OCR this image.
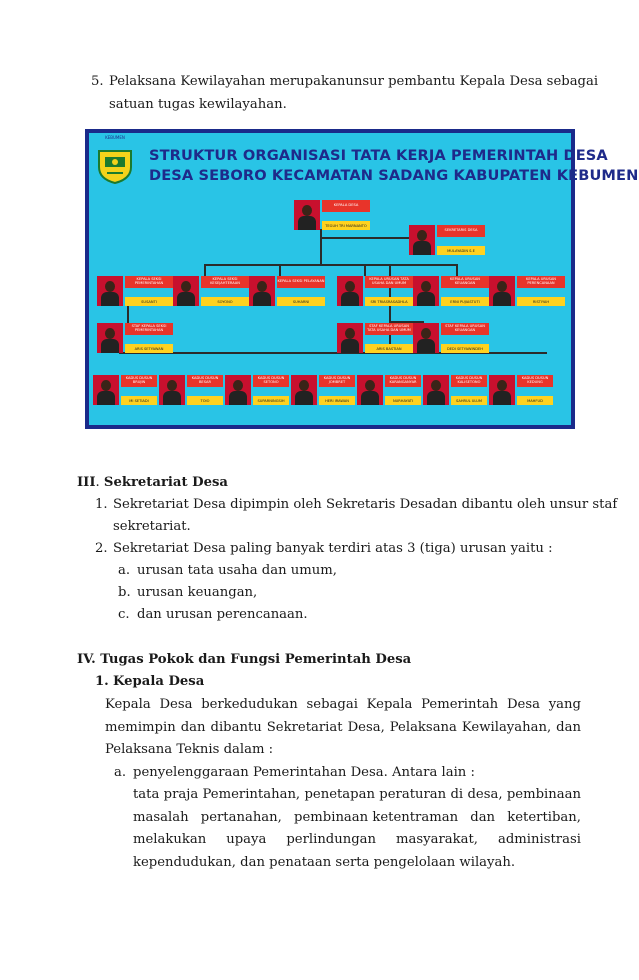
5. Pelaksana Kewilayahan merupakanunsur pembantu Kepala Desa sebagai
satuan tugas kewilayahan.
KEBUMEN
STRUKTUR ORGANISASI TATA KERJA PEMERINTAH DESA
DESA SEBORO KECAMATAN SADANG KABUPATEN KEBUMEN
KEPALA DESA
TEGUH TRI MARNANTO
SEKRETARIS DESA
MULAYADIN S.E
KEPALA SEKSI PEMERINTAHAN
SUSANTI
KEPALA SEKSI KESEJAHTERAAN
SOYONO
KEPALA SEKSI PELAYANAN
SUHARNI
KEPALA URUSAN TATA USAHA DAN UMUM
SRI TRIASRASADHLA
KEPALA URUSAN KEUANGAN
ERNI PUJIASTUTI
KEPALA URUSAN PERENCANAAN
RISTIYAH
STAF KEPALA SEKSI PEMERINTAHAN
ARIS SETYAWAN
STAF KEPALA URUSAN TATA USAHA DAN UMUM
ARIS BASTIAN
STAF KEPALA URUSAN KEUANGAN
DEDI SETYAWINDEH
KADUS DUSUN BRUJIN
MI SETIADI
KADUS DUSUN BESAR
TOIO
KADUS DUSUN SETONO
SUPARNINGSIH
KADUS DUSUN JOMBRET
HERI IRAWAN
KADUS DUSUN KARANGANYAR
NURHAYATI
KADUS DUSUN KALISETONO
SAHRUL ULUM
KADUS DUSUN KEDUNG
MAHFUD
III. Sekretariat Desa
1. Sekretariat Desa dipimpin oleh Sekretaris Desadan dibantu oleh unsur staf
sekretariat.
2. Sekretariat Desa paling banyak terdiri atas 3 (tiga) urusan yaitu :
a. urusan tata usaha dan umum,
b. urusan keuangan,
c. dan urusan perencanaan.
IV. Tugas Pokok dan Fungsi Pemerintah Desa
1. Kepala Desa
Kepala Desa berkedudukan sebagai Kepala Pemerintah Desa yang
memimpin dan dibantu Sekretariat Desa, Pelaksana Kewilayahan, dan
Pelaksana Teknis dalam :
a. penyelenggaraan Pemerintahan Desa. Antara lain :
tata praja Pemerintahan, penetapan peraturan di desa, pembinaan
masalah pertanahan, pembinaan ketentraman dan ketertiban,
melakukan upaya perlindungan masyarakat, administrasi
kependudukan, dan penataan serta pengelolaan wilayah.
